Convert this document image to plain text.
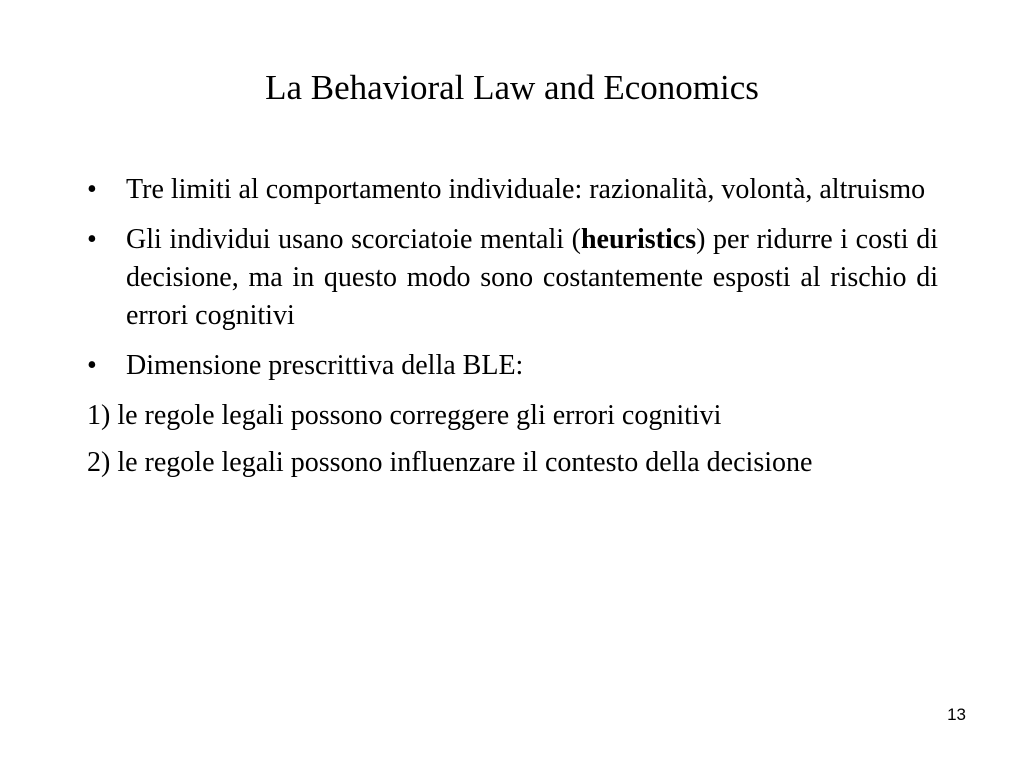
La Behavioral Law and Economics

• Tre limiti al comportamento individuale: razionalità, volontà, altruismo

• Gli individui usano scorciatoie mentali (heuristics) per ridurre i costi di decisione, ma in questo modo sono costantemente esposti al rischio di errori cognitivi

• Dimensione prescrittiva della BLE:

1) le regole legali possono correggere gli errori cognitivi

2) le regole legali possono influenzare il contesto della decisione

13
